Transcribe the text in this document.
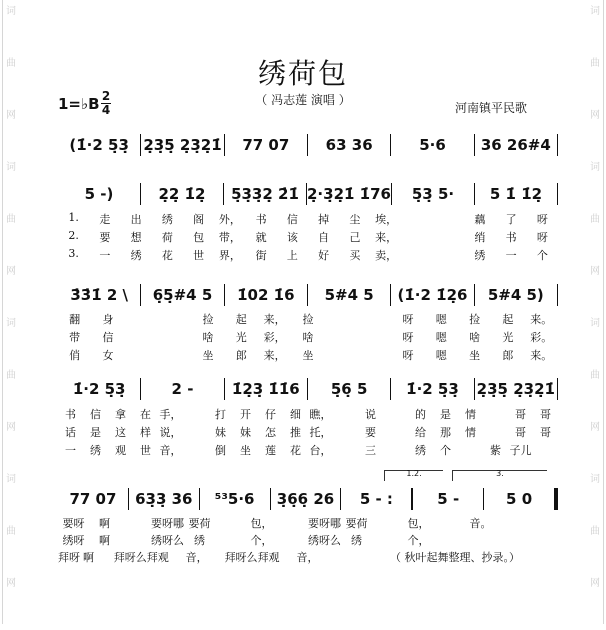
词
曲
网
词
曲
网
词
曲
网
词
曲
网
词
曲
网
词
曲
网
词
曲
网
词
曲
网
绣荷包
（ 冯志莲 演唱 ）
1=♭B 2
4	河南镇平民歌
(1̇·2 5̣3̣ 2̣3̣5̣ 2̣3̣2̣1̇	77 07	63 36	5·6	36 26#4
5 -)	2̣2̣ 1̇2̣	5̣3̣3̣2̣ 2̇1̇ 2̣·3̣2̣1̇ 1̇76	5̣3̣ 5·	5 1̇ 1̇2̣
1.	走	出	绣	阁	外，	书	信	掉	尘	埃，	藕	了	呀
2.	要	想	荷	包	带，	就	该	自	己	来，	绡	书	呀
3.	一	绣	花	世	界，	街	上	好	买	卖，	绣	一	个
3̇3̇1̇ 2 \	6̣5̣#4 5	1̇02 1̇6	5#4 5	(1̇·2 1̇2̣6	5#4 5)
翻	身	捡	起	来，	捡	呀	嗯	捡	起	来。
带	信	啥	光	彩，	啥	呀	嗯	啥	光	彩。
俏	女	坐	郎	来，	坐	呀	嗯	坐	郎	来。
1̇·2 5̣3̣	2 -	1̇2̣3̣ 1̇1̇6	5̣6̣ 5	1̇·2 5̣3̣	2̣3̣5̣ 2̣3̣2̣1̇
书	信	拿	在 手，	打	开	仔	细 瞧，	说	的	是	情	哥	哥
话	是	这	样 说，	妹	妹	怎	推 托，	要	给	那	情	哥	哥
一	绣	观	世 音，	倒	坐	莲	花 台，	三	绣	个	紫 子儿
1.2.	3.
77 07	63̣3̣ 36	⁵³5·6	3̣6̣6̣ 26	5 - :	5 -	5 0
要呀	啊	要呀哪 要荷	包，	要呀哪 要荷	包，	音。
绣呀	啊	绣呀么 绣	个，	绣呀么 绣	个，
拜呀 啊 拜呀么 拜观 音， 拜呀么 拜观 音，	（ 秋叶起舞整理、抄录。）
